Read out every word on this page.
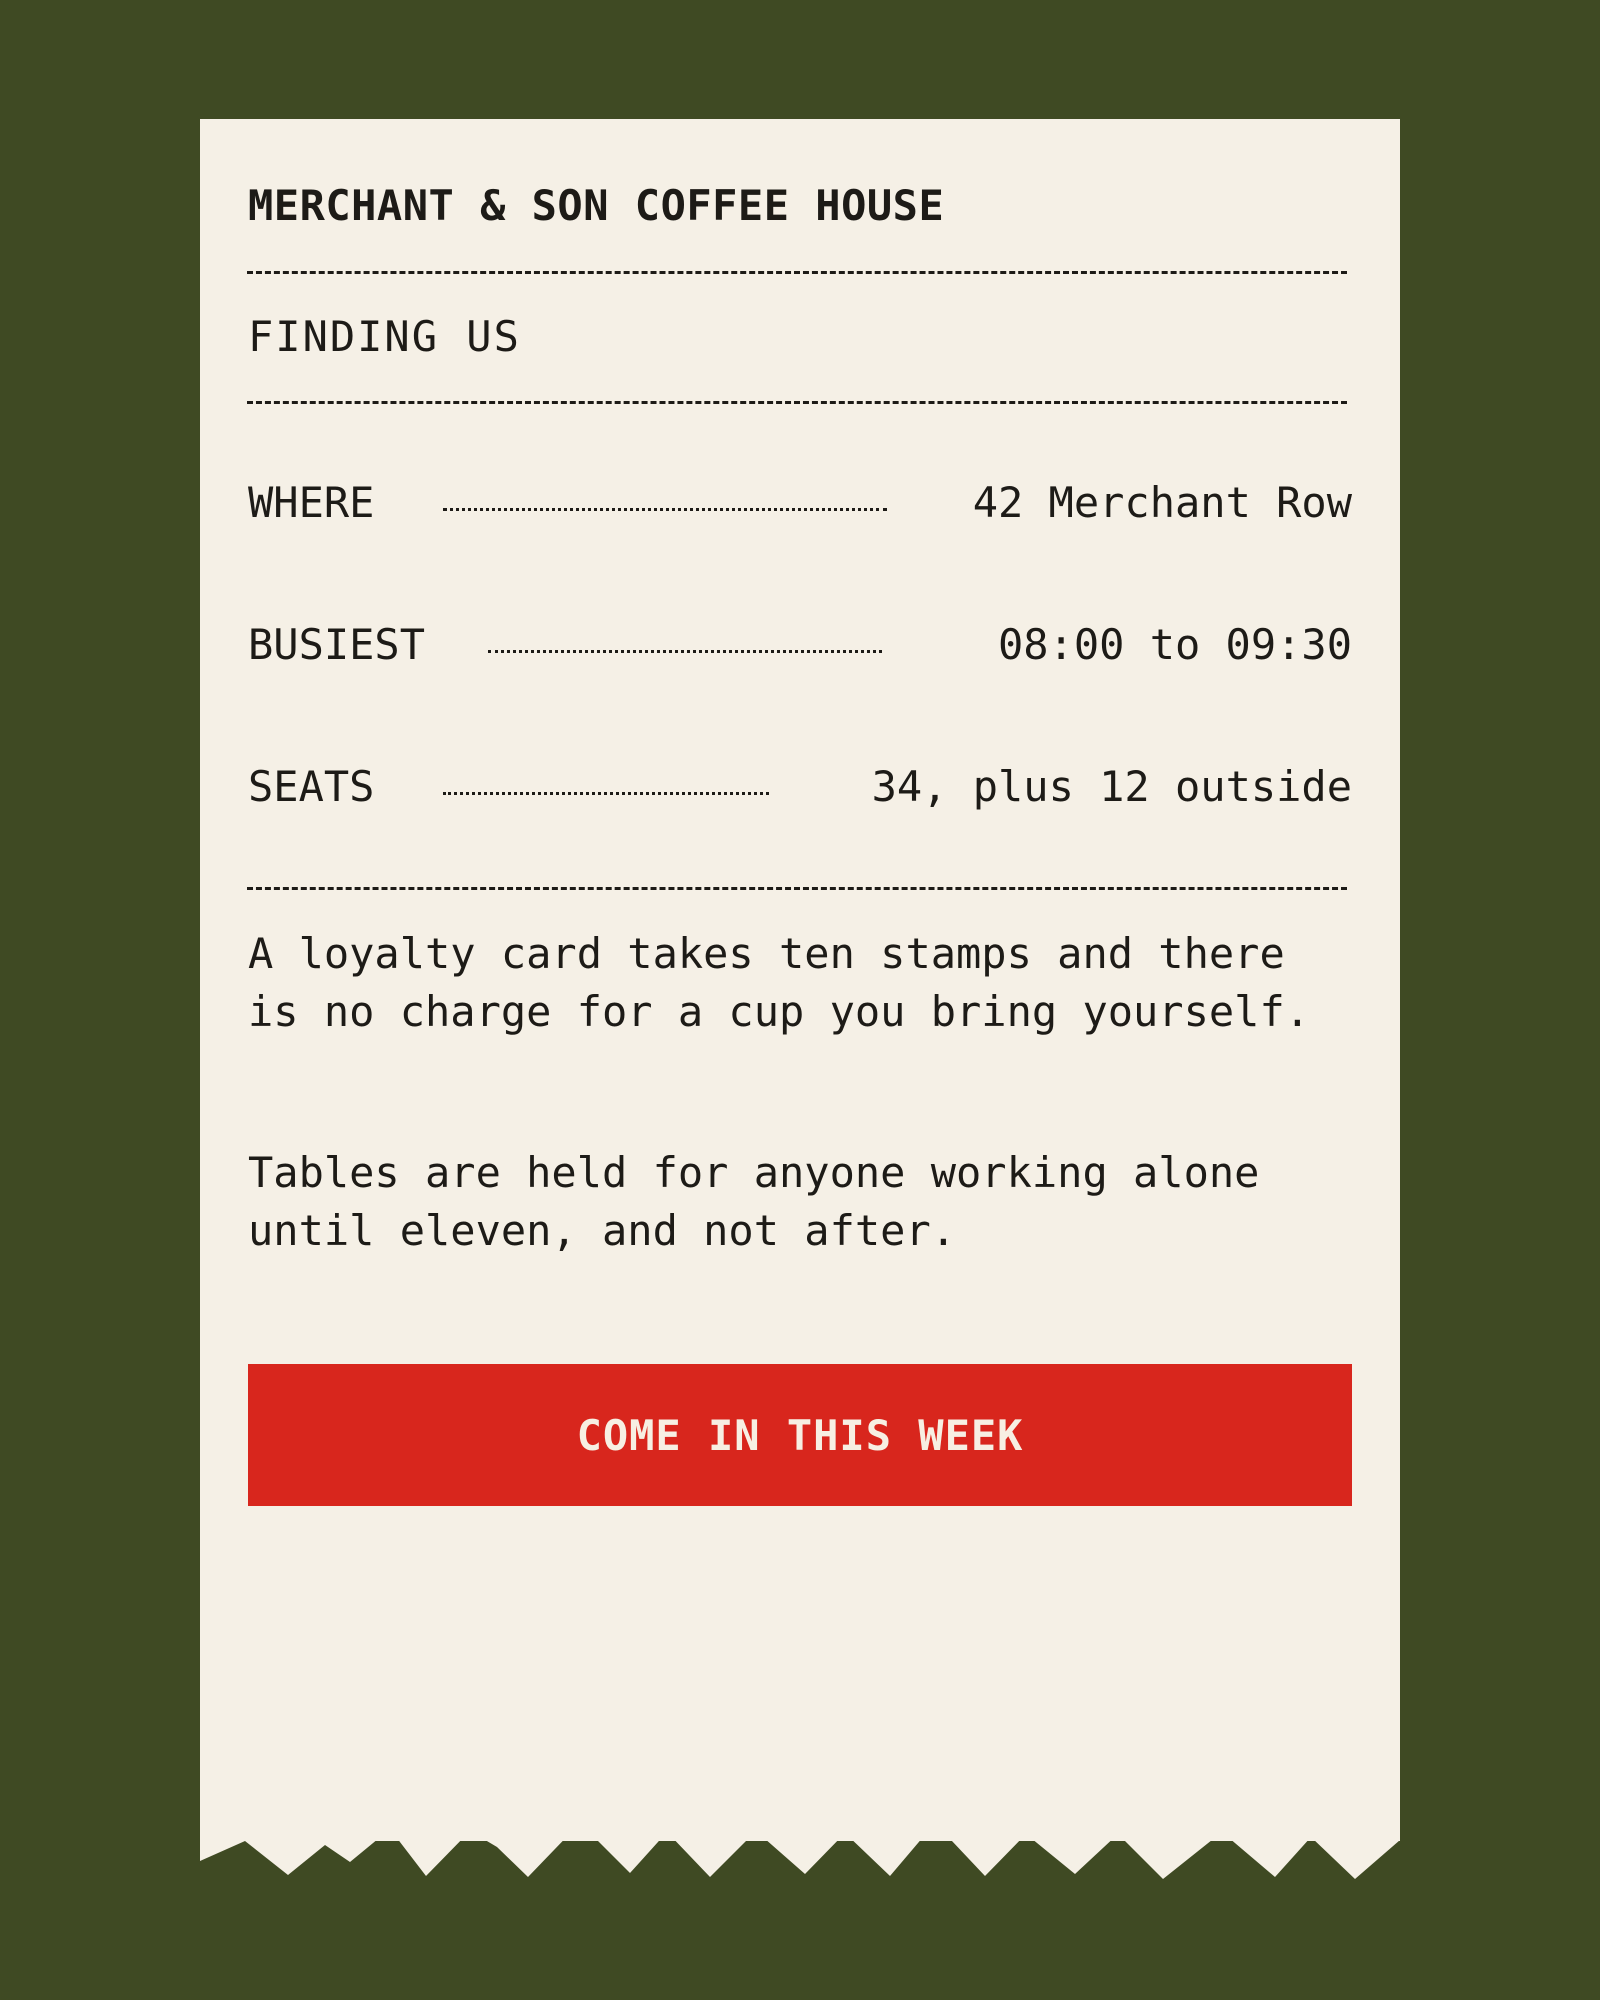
MERCHANT & SON COFFEE HOUSE
FINDING US
WHERE	42 Merchant Row
BUSIEST	08:00 to 09:30
SEATS	34, plus 12 outside

A loyalty card takes ten stamps and there is no charge for a cup you bring yourself.

Tables are held for anyone working alone until eleven, and not after.

COME IN THIS WEEK
